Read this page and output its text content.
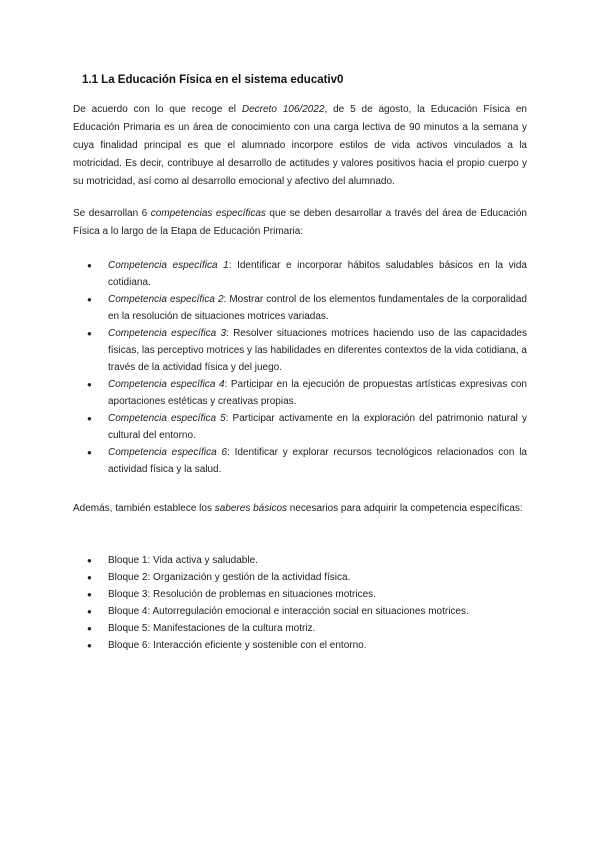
1.1 La Educación Física en el sistema educativ0

De acuerdo con lo que recoge el Decreto 106/2022, de 5 de agosto, la Educación Física en Educación Primaria es un área de conocimiento con una carga lectiva de 90 minutos a la semana y cuya finalidad principal es que el alumnado incorpore estilos de vida activos vinculados a la motricidad. Es decir, contribuye al desarrollo de actitudes y valores positivos hacia el propio cuerpo y su motricidad, así como al desarrollo emocional y afectivo del alumnado.

Se desarrollan 6 competencias específicas que se deben desarrollar a través del área de Educación Física a lo largo de la Etapa de Educación Primaria:

● Competencia específica 1: Identificar e incorporar hábitos saludables básicos en la vida cotidiana.
● Competencia específica 2: Mostrar control de los elementos fundamentales de la corporalidad en la resolución de situaciones motrices variadas.
● Competencia específica 3: Resolver situaciones motrices haciendo uso de las capacidades físicas, las perceptivo motrices y las habilidades en diferentes contextos de la vida cotidiana, a través de la actividad física y del juego.
● Competencia específica 4: Participar en la ejecución de propuestas artísticas expresivas con aportaciones estéticas y creativas propias.
● Competencia específica 5: Participar activamente en la exploración del patrimonio natural y cultural del entorno.
● Competencia específica 6: Identificar y explorar recursos tecnológicos relacionados con la actividad física y la salud.

Además, también establece los saberes básicos necesarios para adquirir la competencia específicas:

● Bloque 1: Vida activa y saludable.
● Bloque 2: Organización y gestión de la actividad física.
● Bloque 3: Resolución de problemas en situaciones motrices.
● Bloque 4: Autorregulación emocional e interacción social en situaciones motrices.
● Bloque 5: Manifestaciones de la cultura motriz.
● Bloque 6: Interacción eficiente y sostenible con el entorno.
